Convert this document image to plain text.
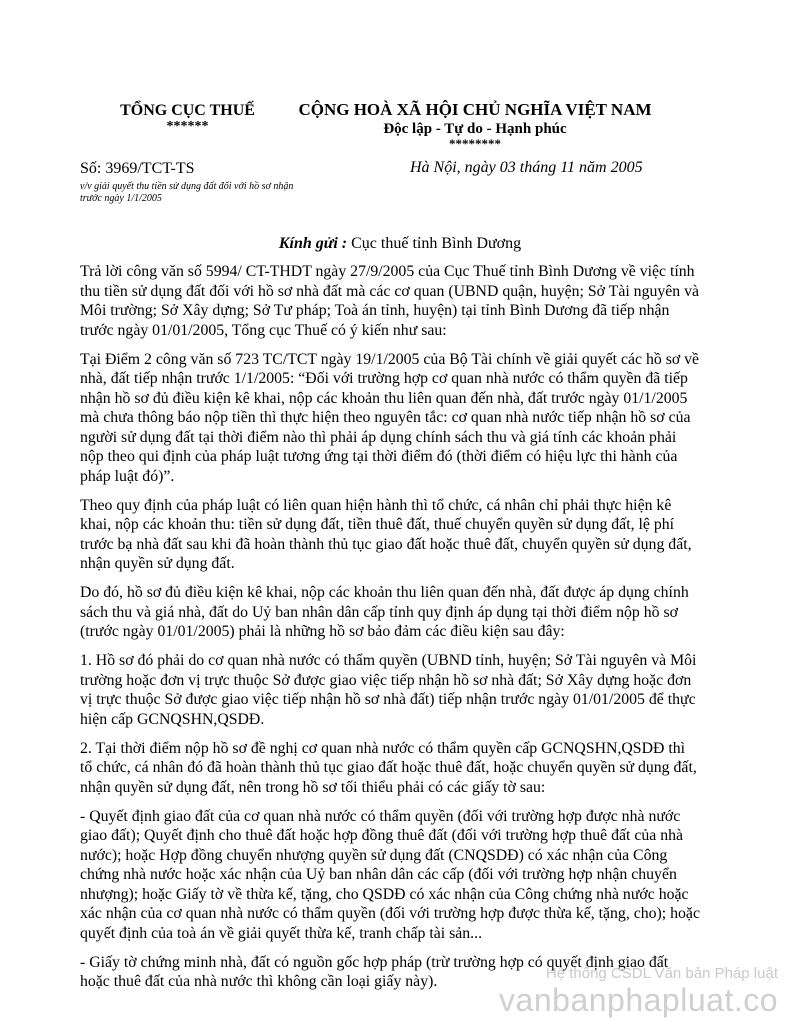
TỔNG CỤC THUẾ
******
CỘNG HOÀ XÃ HỘI CHỦ NGHĨA VIỆT NAM
Độc lập - Tự do - Hạnh phúc
********
Số: 3969/TCT-TS
v/v giải quyết thu tiền sử dụng đất đối với hồ sơ nhận trước ngày 1/1/2005
Hà Nội, ngày 03 tháng 11 năm 2005
Kính gửi : Cục thuế tỉnh Bình Dương

Trả lời công văn số 5994/ CT-THDT ngày 27/9/2005 của Cục Thuế tỉnh Bình Dương về việc tính thu tiền sử dụng đất đối với hồ sơ nhà đất mà các cơ quan (UBND quận, huyện; Sở Tài nguyên và Môi trường; Sở Xây dựng; Sở Tư pháp; Toà án tỉnh, huyện) tại tỉnh Bình Dương đã tiếp nhận trước ngày 01/01/2005, Tổng cục Thuế có ý kiến như sau:

Tại Điểm 2 công văn số 723 TC/TCT ngày 19/1/2005 của Bộ Tài chính về giải quyết các hồ sơ về nhà, đất tiếp nhận trước 1/1/2005: “Đối với trường hợp cơ quan nhà nước có thẩm quyền đã tiếp nhận hồ sơ đủ điều kiện kê khai, nộp các khoản thu liên quan đến nhà, đất trước ngày 01/1/2005 mà chưa thông báo nộp tiền thì thực hiện theo nguyên tắc: cơ quan nhà nước tiếp nhận hồ sơ của người sử dụng đất tại thời điểm nào thì phải áp dụng chính sách thu và giá tính các khoản phải nộp theo qui định của pháp luật tương ứng tại thời điểm đó (thời điểm có hiệu lực thi hành của pháp luật đó)”.

Theo quy định của pháp luật có liên quan hiện hành thì tổ chức, cá nhân chỉ phải thực hiện kê khai, nộp các khoản thu: tiền sử dụng đất, tiền thuê đất, thuế chuyển quyền sử dụng đất, lệ phí trước bạ nhà đất sau khi đã hoàn thành thủ tục giao đất hoặc thuê đất, chuyển quyền sử dụng đất, nhận quyền sử dụng đất.

Do đó, hồ sơ đủ điều kiện kê khai, nộp các khoản thu liên quan đến nhà, đất được áp dụng chính sách thu và giá nhà, đất do Uỷ ban nhân dân cấp tỉnh quy định áp dụng tại thời điểm nộp hồ sơ (trước ngày 01/01/2005) phải là những hồ sơ bảo đảm các điều kiện sau đây:

1. Hồ sơ đó phải do cơ quan nhà nước có thẩm quyền (UBND tỉnh, huyện; Sở Tài nguyên và Môi trường hoặc đơn vị trực thuộc Sở được giao việc tiếp nhận hồ sơ nhà đất; Sở Xây dựng hoặc đơn vị trực thuộc Sở được giao việc tiếp nhận hồ sơ nhà đất) tiếp nhận trước ngày 01/01/2005 để thực hiện cấp GCNQSHN,QSDĐ.

2. Tại thời điểm nộp hồ sơ đề nghị cơ quan nhà nước có thẩm quyền cấp GCNQSHN,QSDĐ thì tổ chức, cá nhân đó đã hoàn thành thủ tục giao đất hoặc thuê đất, hoặc chuyển quyền sử dụng đất, nhận quyền sử dụng đất, nên trong hồ sơ tối thiểu phải có các giấy tờ sau:

- Quyết định giao đất của cơ quan nhà nước có thẩm quyền (đối với trường hợp được nhà nước giao đất); Quyết định cho thuê đất hoặc hợp đồng thuê đất (đối với trường hợp thuê đất của nhà nước); hoặc Hợp đồng chuyển nhượng quyền sử dụng đất (CNQSDĐ) có xác nhận của Công chứng nhà nước hoặc xác nhận của Uỷ ban nhân dân các cấp (đối với trường hợp nhận chuyển nhượng); hoặc Giấy tờ về thừa kế, tặng, cho QSDĐ có xác nhận của Công chứng nhà nước hoặc xác nhận của cơ quan nhà nước có thẩm quyền (đối với trường hợp được thừa kế, tặng, cho); hoặc quyết định của toà án về giải quyết thừa kế, tranh chấp tài sản...

- Giấy tờ chứng minh nhà, đất có nguồn gốc hợp pháp (trừ trường hợp có quyết định giao đất hoặc thuê đất của nhà nước thì không cần loại giấy này).	Hệ thống CSDL Văn bản Pháp luật
vanbanphapluat.co
